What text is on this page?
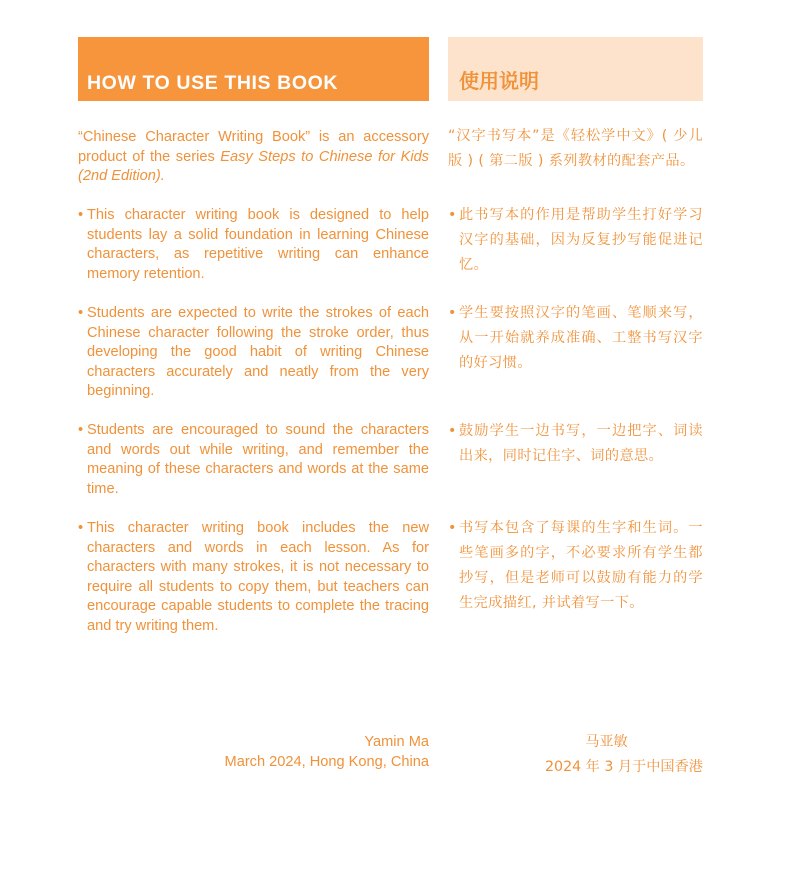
HOW TO USE THIS BOOK

“Chinese Character Writing Book” is an accessory product of the series Easy Steps to Chinese for Kids (2nd Edition).

• This character writing book is designed to help students lay a solid foundation in learning Chinese characters, as repetitive writing can enhance memory retention.
• Students are expected to write the strokes of each Chinese character following the stroke order, thus developing the good habit of writing Chinese characters accurately and neatly from the very beginning.
• Students are encouraged to sound the characters and words out while writing, and remember the meaning of these characters and words at the same time.
• This character writing book includes the new characters and words in each lesson. As for characters with many strokes, it is not necessary to require all students to copy them, but teachers can encourage capable students to complete the tracing and try writing them.
Yamin Ma
March 2024, Hong Kong, China
使用说明

“汉字书写本”是《轻松学中文》( 少儿版 ) ( 第二版 ) 系列教材的配套产品。

• 此书写本的作用是帮助学生打好学习汉字的基础，因为反复抄写能促进记忆。
• 学生要按照汉字的笔画、笔顺来写，从一开始就养成准确、工整书写汉字的好习惯。
• 鼓励学生一边书写，一边把字、词读出来，同时记住字、词的意思。
• 书写本包含了每课的生字和生词。一些笔画多的字，不必要求所有学生都抄写，但是老师可以鼓励有能力的学生完成描红, 并试着写一下。
马亚敏
2024 年 3 月于中国香港
